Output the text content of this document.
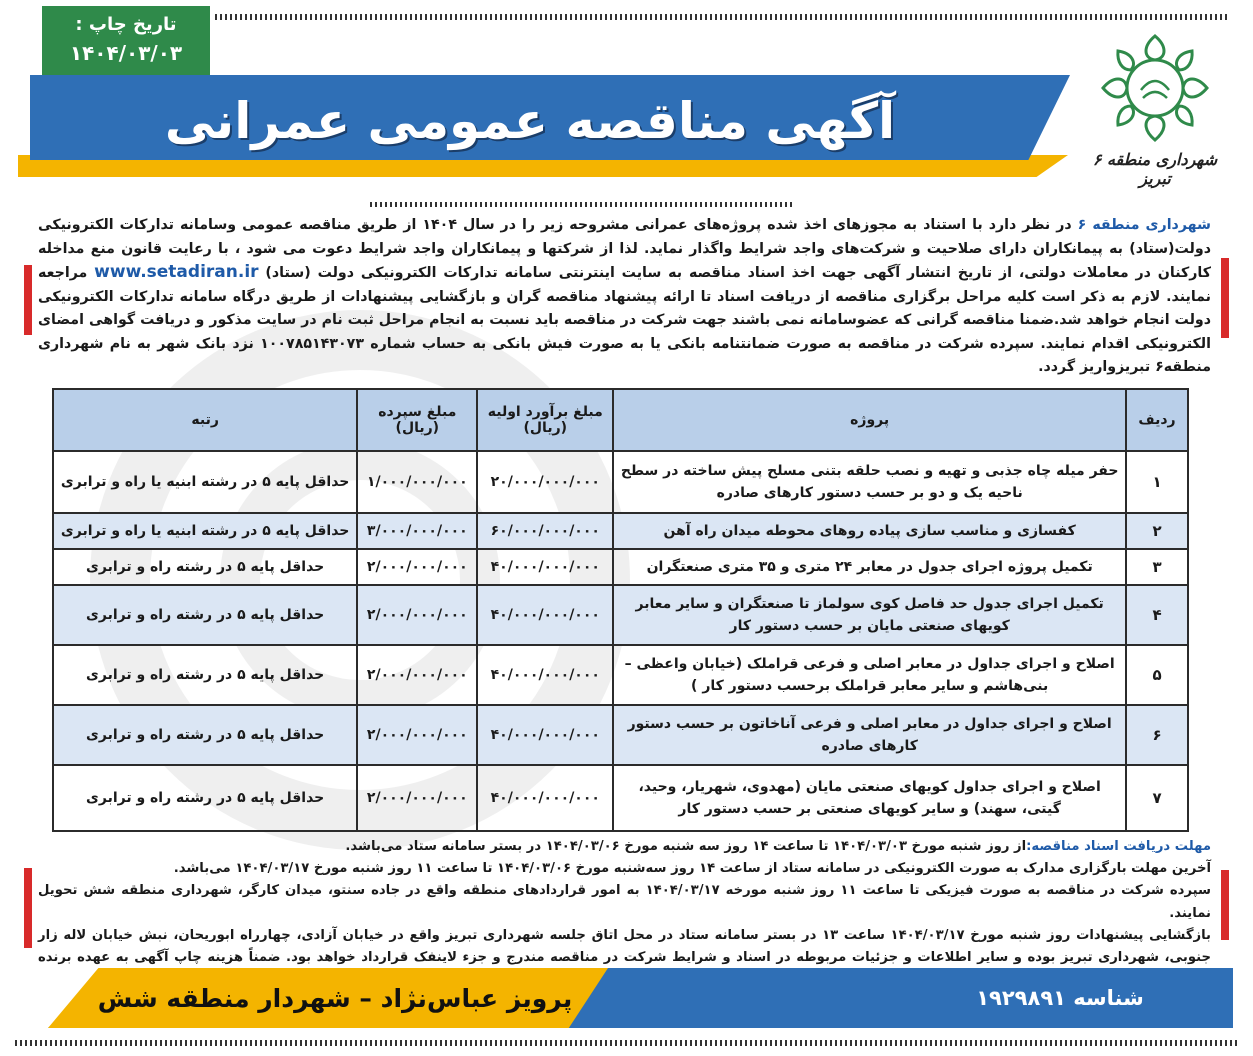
تاریخ چاپ :
۱۴۰۴/۰۳/۰۳
آگهی مناقصه عمومی عمرانی
شهرداری منطقه ۶ تبریز
شهرداری منطقه ۶ در نظر دارد با استناد به مجوزهای اخذ شده پروژه‌های عمرانی مشروحه زیر را در سال ۱۴۰۴ از طریق مناقصه عمومی وسامانه تدارکات الکترونیکی دولت(ستاد) به پیمانکاران دارای صلاحیت و شرکت‌های واجد شرایط واگذار نماید. لذا از شرکتها و پیمانکاران واجد شرایط دعوت می شود ، با رعایت قانون منع مداخله کارکنان در معاملات دولتی، از تاریخ انتشار آگهی جهت اخذ اسناد مناقصه به سایت اینترنتی سامانه تدارکات الکترونیکی دولت (ستاد) www.setadiran.ir مراجعه نمایند. لازم به ذکر است کلیه مراحل برگزاری مناقصه از دریافت اسناد تا ارائه پیشنهاد مناقصه گران و بازگشایی پیشنهادات از طریق درگاه سامانه تدارکات الکترونیکی دولت انجام خواهد شد.ضمنا مناقصه گرانی که عضوسامانه نمی باشند جهت شرکت در مناقصه باید نسبت به انجام مراحل ثبت نام در سایت مذکور و دریافت گواهی امضای الکترونیکی اقدام نمایند. سپرده شرکت در مناقصه به صورت ضمانتنامه بانکی یا به صورت فیش بانکی به حساب شماره ۱۰۰۷۸۵۱۴۳۰۷۳ نزد بانک شهر به نام شهرداری منطقه۶ تبریزواریز گردد.
ردیف	پروژه	مبلغ برآورد اولیه (ریال)	مبلغ سپرده (ریال)	رتبه
۱	حفر میله چاه جذبی و تهیه و نصب حلقه بتنی مسلح پیش ساخته در سطح ناحیه یک و دو بر حسب دستور کارهای صادره	۲۰/۰۰۰/۰۰۰/۰۰۰	۱/۰۰۰/۰۰۰/۰۰۰	حداقل پایه ۵ در رشته ابنیه یا راه و ترابری
۲	کفسازی و مناسب سازی پیاده روهای محوطه میدان راه آهن	۶۰/۰۰۰/۰۰۰/۰۰۰	۳/۰۰۰/۰۰۰/۰۰۰	حداقل پایه ۵ در رشته ابنیه یا راه و ترابری
۳	تکمیل پروژه اجرای جدول در معابر ۲۴ متری و ۳۵ متری صنعتگران	۴۰/۰۰۰/۰۰۰/۰۰۰	۲/۰۰۰/۰۰۰/۰۰۰	حداقل پایه ۵ در رشته راه و ترابری
۴	تکمیل اجرای جدول حد فاصل کوی سولماز تا صنعتگران و سایر معابر کویهای صنعتی مایان بر حسب دستور کار	۴۰/۰۰۰/۰۰۰/۰۰۰	۲/۰۰۰/۰۰۰/۰۰۰	حداقل پایه ۵ در رشته راه و ترابری
۵	اصلاح و اجرای جداول در معابر اصلی و فرعی قراملک (خیابان واعظی – بنی‌هاشم و سایر معابر قراملک برحسب دستور کار )	۴۰/۰۰۰/۰۰۰/۰۰۰	۲/۰۰۰/۰۰۰/۰۰۰	حداقل پایه ۵ در رشته راه و ترابری
۶	اصلاح و اجرای جداول در معابر اصلی و فرعی آناخاتون بر حسب دستور کارهای صادره	۴۰/۰۰۰/۰۰۰/۰۰۰	۲/۰۰۰/۰۰۰/۰۰۰	حداقل پایه ۵ در رشته راه و ترابری
۷	اصلاح و اجرای جداول کویهای صنعتی مایان (مهدوی، شهریار، وحید، گیتی، سهند) و سایر کویهای صنعتی بر حسب دستور کار	۴۰/۰۰۰/۰۰۰/۰۰۰	۲/۰۰۰/۰۰۰/۰۰۰	حداقل پایه ۵ در رشته راه و ترابری

مهلت دریافت اسناد مناقصه:از روز شنبه مورخ ۱۴۰۴/۰۳/۰۳ تا ساعت ۱۴ روز سه شنبه مورخ ۱۴۰۴/۰۳/۰۶ در بستر سامانه ستاد می‌باشد.

آخرین مهلت بارگزاری مدارک به صورت الکترونیکی در سامانه ستاد از ساعت ۱۴ روز سه‌شنبه مورخ ۱۴۰۴/۰۳/۰۶ تا ساعت ۱۱ روز شنبه مورخ ۱۴۰۴/۰۳/۱۷ می‌باشد.

سپرده شرکت در مناقصه به صورت فیزیکی تا ساعت ۱۱ روز شنبه مورخه ۱۴۰۴/۰۳/۱۷ به امور قراردادهای منطقه واقع در جاده سنتو، میدان کارگر، شهرداری منطقه شش تحویل نمایند.

بازگشایی پیشنهادات روز شنبه مورخ ۱۴۰۴/۰۳/۱۷ ساعت ۱۳ در بستر سامانه ستاد در محل اتاق جلسه شهرداری تبریز واقع در خیابان آزادی، چهارراه ابوریحان، نبش خیابان لاله زار جنوبی، شهرداری تبریز بوده و سایر اطلاعات و جزئیات مربوطه در اسناد و شرایط شرکت در مناقصه مندرج و جزء لاینفک قرارداد خواهد بود. ضمناً هزینه چاپ آگهی به عهده برنده

پرویز عباس‌نژاد – شهردار منطقه شش	شناسه ۱۹۲۹۸۹۱
